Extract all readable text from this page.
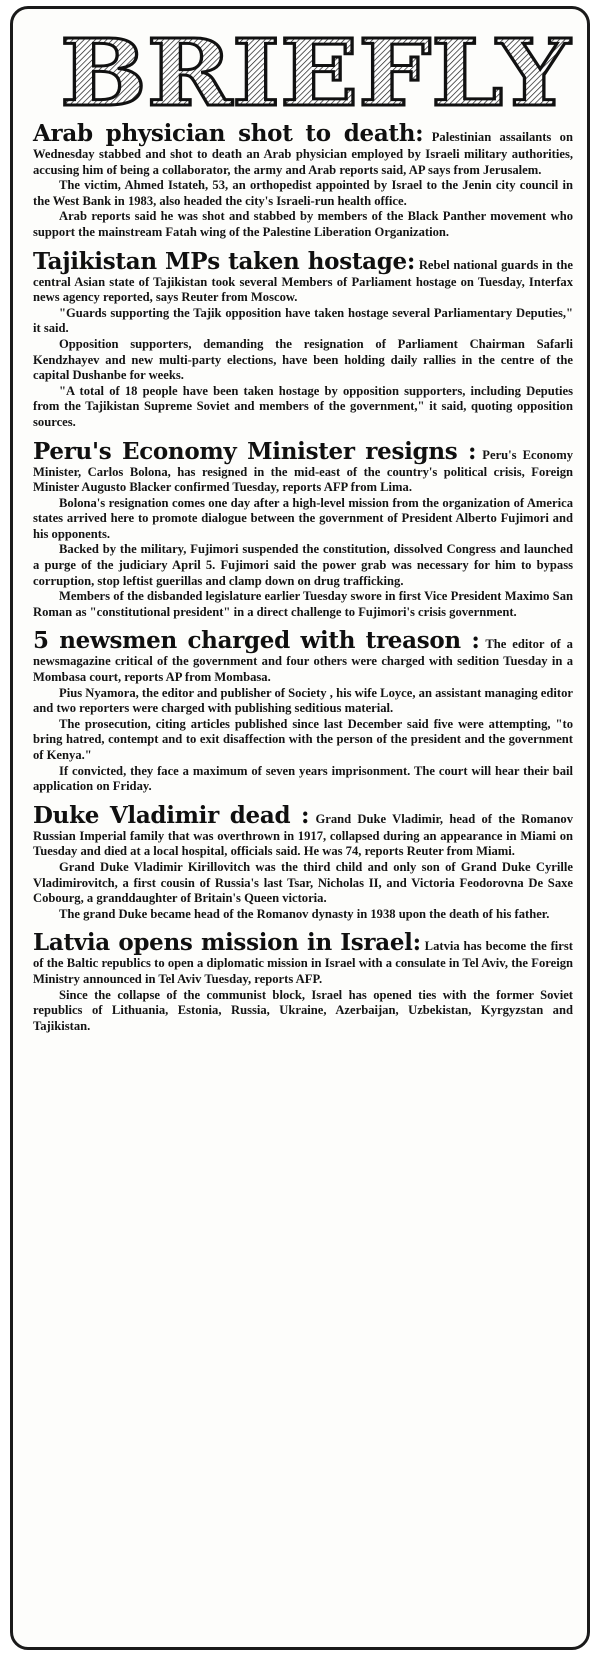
BRIEFLY

Arab physician shot to death: Palestinian assailants on Wednesday stabbed and shot to death an Arab physician employed by Israeli military authorities, accusing him of being a collaborator, the army and Arab reports said, AP says from Jerusalem.

The victim, Ahmed Istateh, 53, an orthopedist appointed by Israel to the Jenin city council in the West Bank in 1983, also headed the city's Israeli-run health office.

Arab reports said he was shot and stabbed by members of the Black Panther movement who support the mainstream Fatah wing of the Palestine Liberation Organization.

Tajikistan MPs taken hostage: Rebel national guards in the central Asian state of Tajikistan took several Members of Parliament hostage on Tuesday, Interfax news agency reported, says Reuter from Moscow.

"Guards supporting the Tajik opposition have taken hostage several Parliamentary Deputies," it said.

Opposition supporters, demanding the resignation of Parliament Chairman Safarli Kendzhayev and new multi-party elections, have been holding daily rallies in the centre of the capital Dushanbe for weeks.

"A total of 18 people have been taken hostage by opposition supporters, including Deputies from the Tajikistan Supreme Soviet and members of the government," it said, quoting opposition sources.

Peru's Economy Minister resigns : Peru's Economy Minister, Carlos Bolona, has resigned in the mid-east of the country's political crisis, Foreign Minister Augusto Blacker confirmed Tuesday, reports AFP from Lima.

Bolona's resignation comes one day after a high-level mission from the organization of America states arrived here to promote dialogue between the government of President Alberto Fujimori and his opponents.

Backed by the military, Fujimori suspended the constitution, dissolved Congress and launched a purge of the judiciary April 5. Fujimori said the power grab was necessary for him to bypass corruption, stop leftist guerillas and clamp down on drug trafficking.

Members of the disbanded legislature earlier Tuesday swore in first Vice President Maximo San Roman as "constitutional president" in a direct challenge to Fujimori's crisis government.

5 newsmen charged with treason : The editor of a newsmagazine critical of the government and four others were charged with sedition Tuesday in a Mombasa court, reports AP from Mombasa.

Pius Nyamora, the editor and publisher of Society , his wife Loyce, an assistant managing editor and two reporters were charged with publishing seditious material.

The prosecution, citing articles published since last December said five were attempting, "to bring hatred, contempt and to exit disaffection with the person of the president and the government of Kenya."

If convicted, they face a maximum of seven years imprisonment. The court will hear their bail application on Friday.

Duke Vladimir dead : Grand Duke Vladimir, head of the Romanov Russian Imperial family that was overthrown in 1917, collapsed during an appearance in Miami on Tuesday and died at a local hospital, officials said. He was 74, reports Reuter from Miami.

Grand Duke Vladimir Kirillovitch was the third child and only son of Grand Duke Cyrille Vladimirovitch, a first cousin of Russia's last Tsar, Nicholas II, and Victoria Feodorovna De Saxe Cobourg, a granddaughter of Britain's Queen victoria.

The grand Duke became head of the Romanov dynasty in 1938 upon the death of his father.

Latvia opens mission in Israel: Latvia has become the first of the Baltic republics to open a diplomatic mission in Israel with a consulate in Tel Aviv, the Foreign Ministry announced in Tel Aviv Tuesday, reports AFP.

Since the collapse of the communist block, Israel has opened ties with the former Soviet republics of Lithuania, Estonia, Russia, Ukraine, Azerbaijan, Uzbekistan, Kyrgyzstan and Tajikistan.
